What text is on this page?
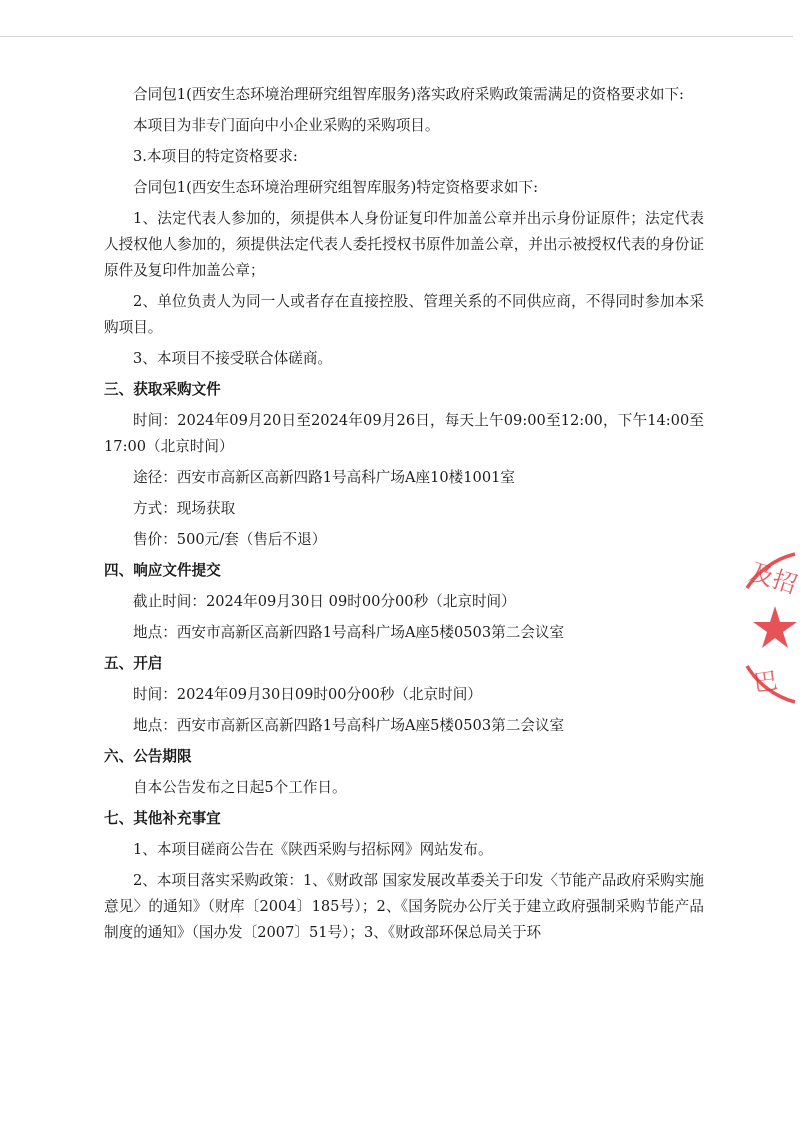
合同包1(西安生态环境治理研究组智库服务)落实政府采购政策需满足的资格要求如下:

本项目为非专门面向中小企业采购的采购项目。

3.本项目的特定资格要求:

合同包1(西安生态环境治理研究组智库服务)特定资格要求如下:

1、法定代表人参加的，须提供本人身份证复印件加盖公章并出示身份证原件；法定代表人授权他人参加的，须提供法定代表人委托授权书原件加盖公章，并出示被授权代表的身份证原件及复印件加盖公章；

2、单位负责人为同一人或者存在直接控股、管理关系的不同供应商，不得同时参加本采购项目。

3、本项目不接受联合体磋商。

三、获取采购文件

时间：2024年09月20日至2024年09月26日，每天上午09:00至12:00，下午14:00至17:00（北京时间）

途径：西安市高新区高新四路1号高科广场A座10楼1001室

方式：现场获取

售价：500元/套（售后不退）

四、响应文件提交

截止时间：2024年09月30日 09时00分00秒（北京时间）

地点：西安市高新区高新四路1号高科广场A座5楼0503第二会议室

五、开启

时间：2024年09月30日09时00分00秒（北京时间）

地点：西安市高新区高新四路1号高科广场A座5楼0503第二会议室

六、公告期限

自本公告发布之日起5个工作日。

七、其他补充事宜

1、本项目磋商公告在《陕西采购与招标网》网站发布。

2、本项目落实采购政策：1、《财政部 国家发展改革委关于印发〈节能产品政府采购实施意见〉的通知》（财库〔2004〕185号）；2、《国务院办公厅关于建立政府强制采购节能产品制度的通知》（国办发〔2007〕51号）；3、《财政部环保总局关于环

及招
巴
